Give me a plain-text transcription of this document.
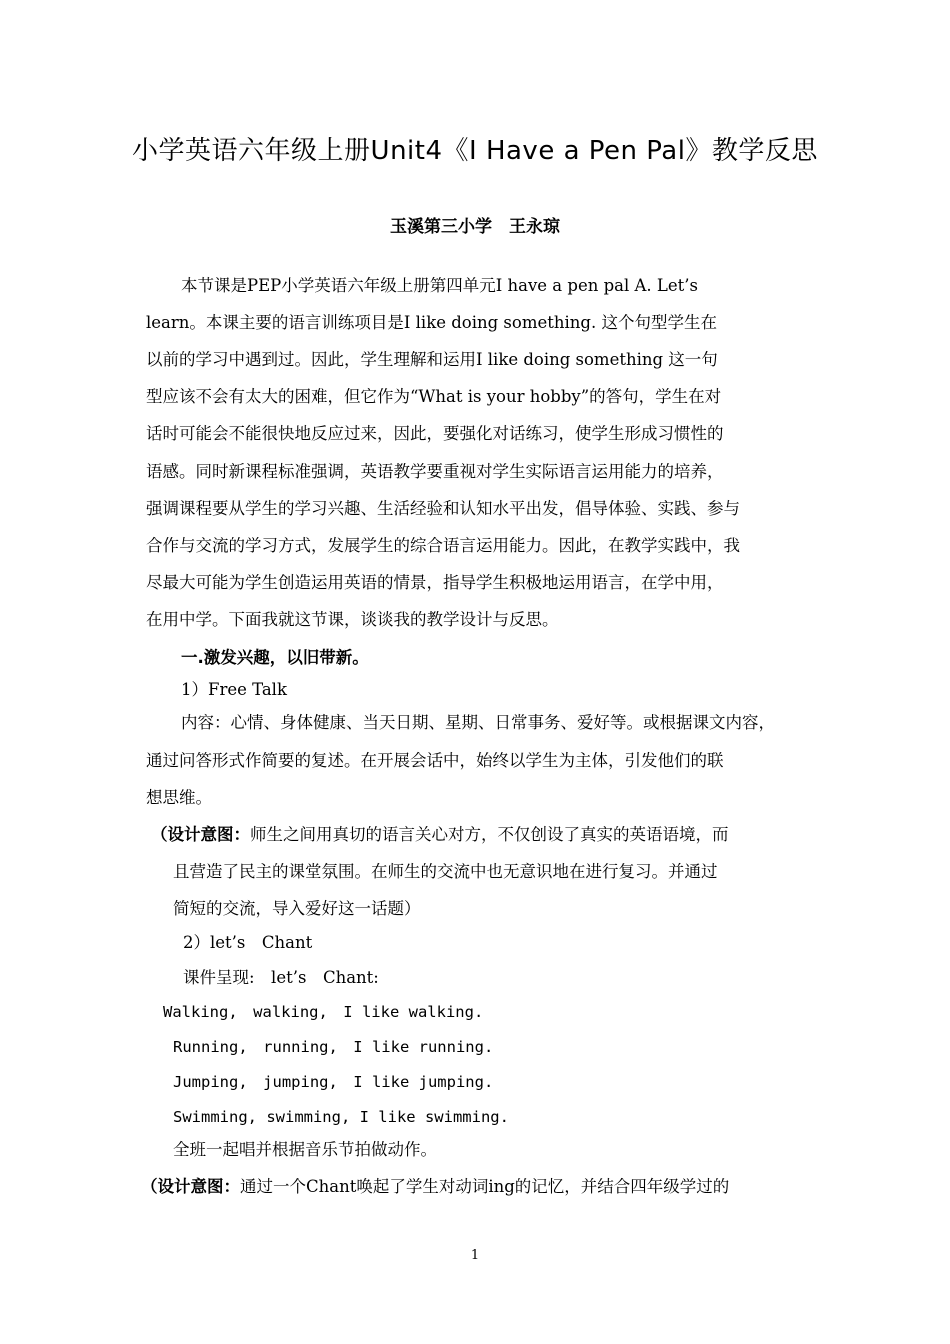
小学英语六年级上册Unit4《I Have a Pen Pal》教学反思
玉溪第三小学　王永琼
本节课是PEP小学英语六年级上册第四单元I have a pen pal A. Let’s
learn。本课主要的语言训练项目是I like doing something. 这个句型学生在
以前的学习中遇到过。因此，学生理解和运用I like doing something 这一句
型应该不会有太大的困难，但它作为“What is your hobby”的答句，学生在对
话时可能会不能很快地反应过来，因此，要强化对话练习，使学生形成习惯性的
语感。同时新课程标准强调，英语教学要重视对学生实际语言运用能力的培养，
强调课程要从学生的学习兴趣、生活经验和认知水平出发，倡导体验、实践、参与
合作与交流的学习方式，发展学生的综合语言运用能力。因此，在教学实践中，我
尽最大可能为学生创造运用英语的情景，指导学生积极地运用语言，在学中用，
在用中学。下面我就这节课，谈谈我的教学设计与反思。
一.激发兴趣，以旧带新。
1）Free Talk
内容：心情、身体健康、当天日期、星期、日常事务、爱好等。或根据课文内容，
通过问答形式作简要的复述。在开展会话中，始终以学生为主体，引发他们的联
想思维。
（设计意图：师生之间用真切的语言关心对方，不仅创设了真实的英语语境，而
且营造了民主的课堂氛围。在师生的交流中也无意识地在进行复习。并通过
简短的交流，导入爱好这一话题）
2）let’s　Chant
课件呈现:　let’s　Chant:
Walking,　walking,　I like walking.
Running,　running,　I like running.
Jumping,　jumping,　I like jumping.
Swimming, swimming, I like swimming.
全班一起唱并根据音乐节拍做动作。
（设计意图：通过一个Chant唤起了学生对动词ing的记忆，并结合四年级学过的
1
